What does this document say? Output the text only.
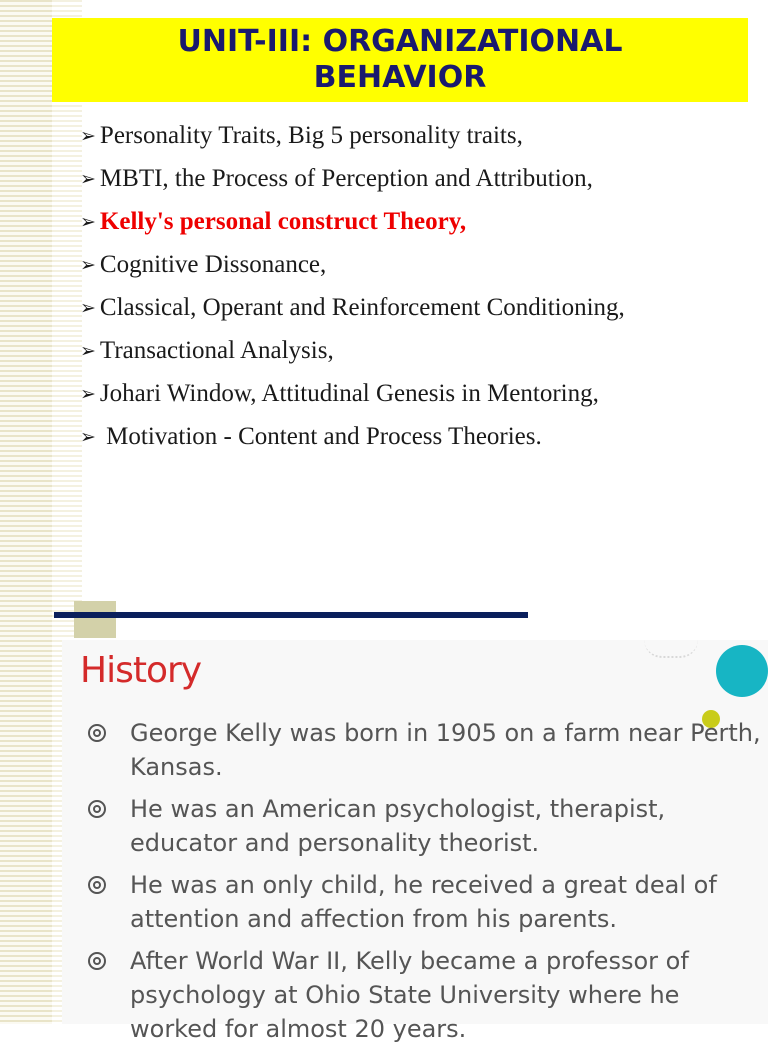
UNIT-III: ORGANIZATIONAL
BEHAVIOR
➢ Personality Traits, Big 5 personality traits,
➢ MBTI, the Process of Perception and Attribution,
➢ Kelly's personal construct Theory,
➢ Cognitive Dissonance,
➢ Classical, Operant and Reinforcement Conditioning,
➢ Transactional Analysis,
➢ Johari Window, Attitudinal Genesis in Mentoring,
➢ Motivation - Content and Process Theories.
History
George Kelly was born in 1905 on a farm near Perth, Kansas.
He was an American psychologist, therapist, educator and personality theorist.
He was an only child, he received a great deal of attention and affection from his parents.
After World War II, Kelly became a professor of psychology at Ohio State University where he worked for almost 20 years.
